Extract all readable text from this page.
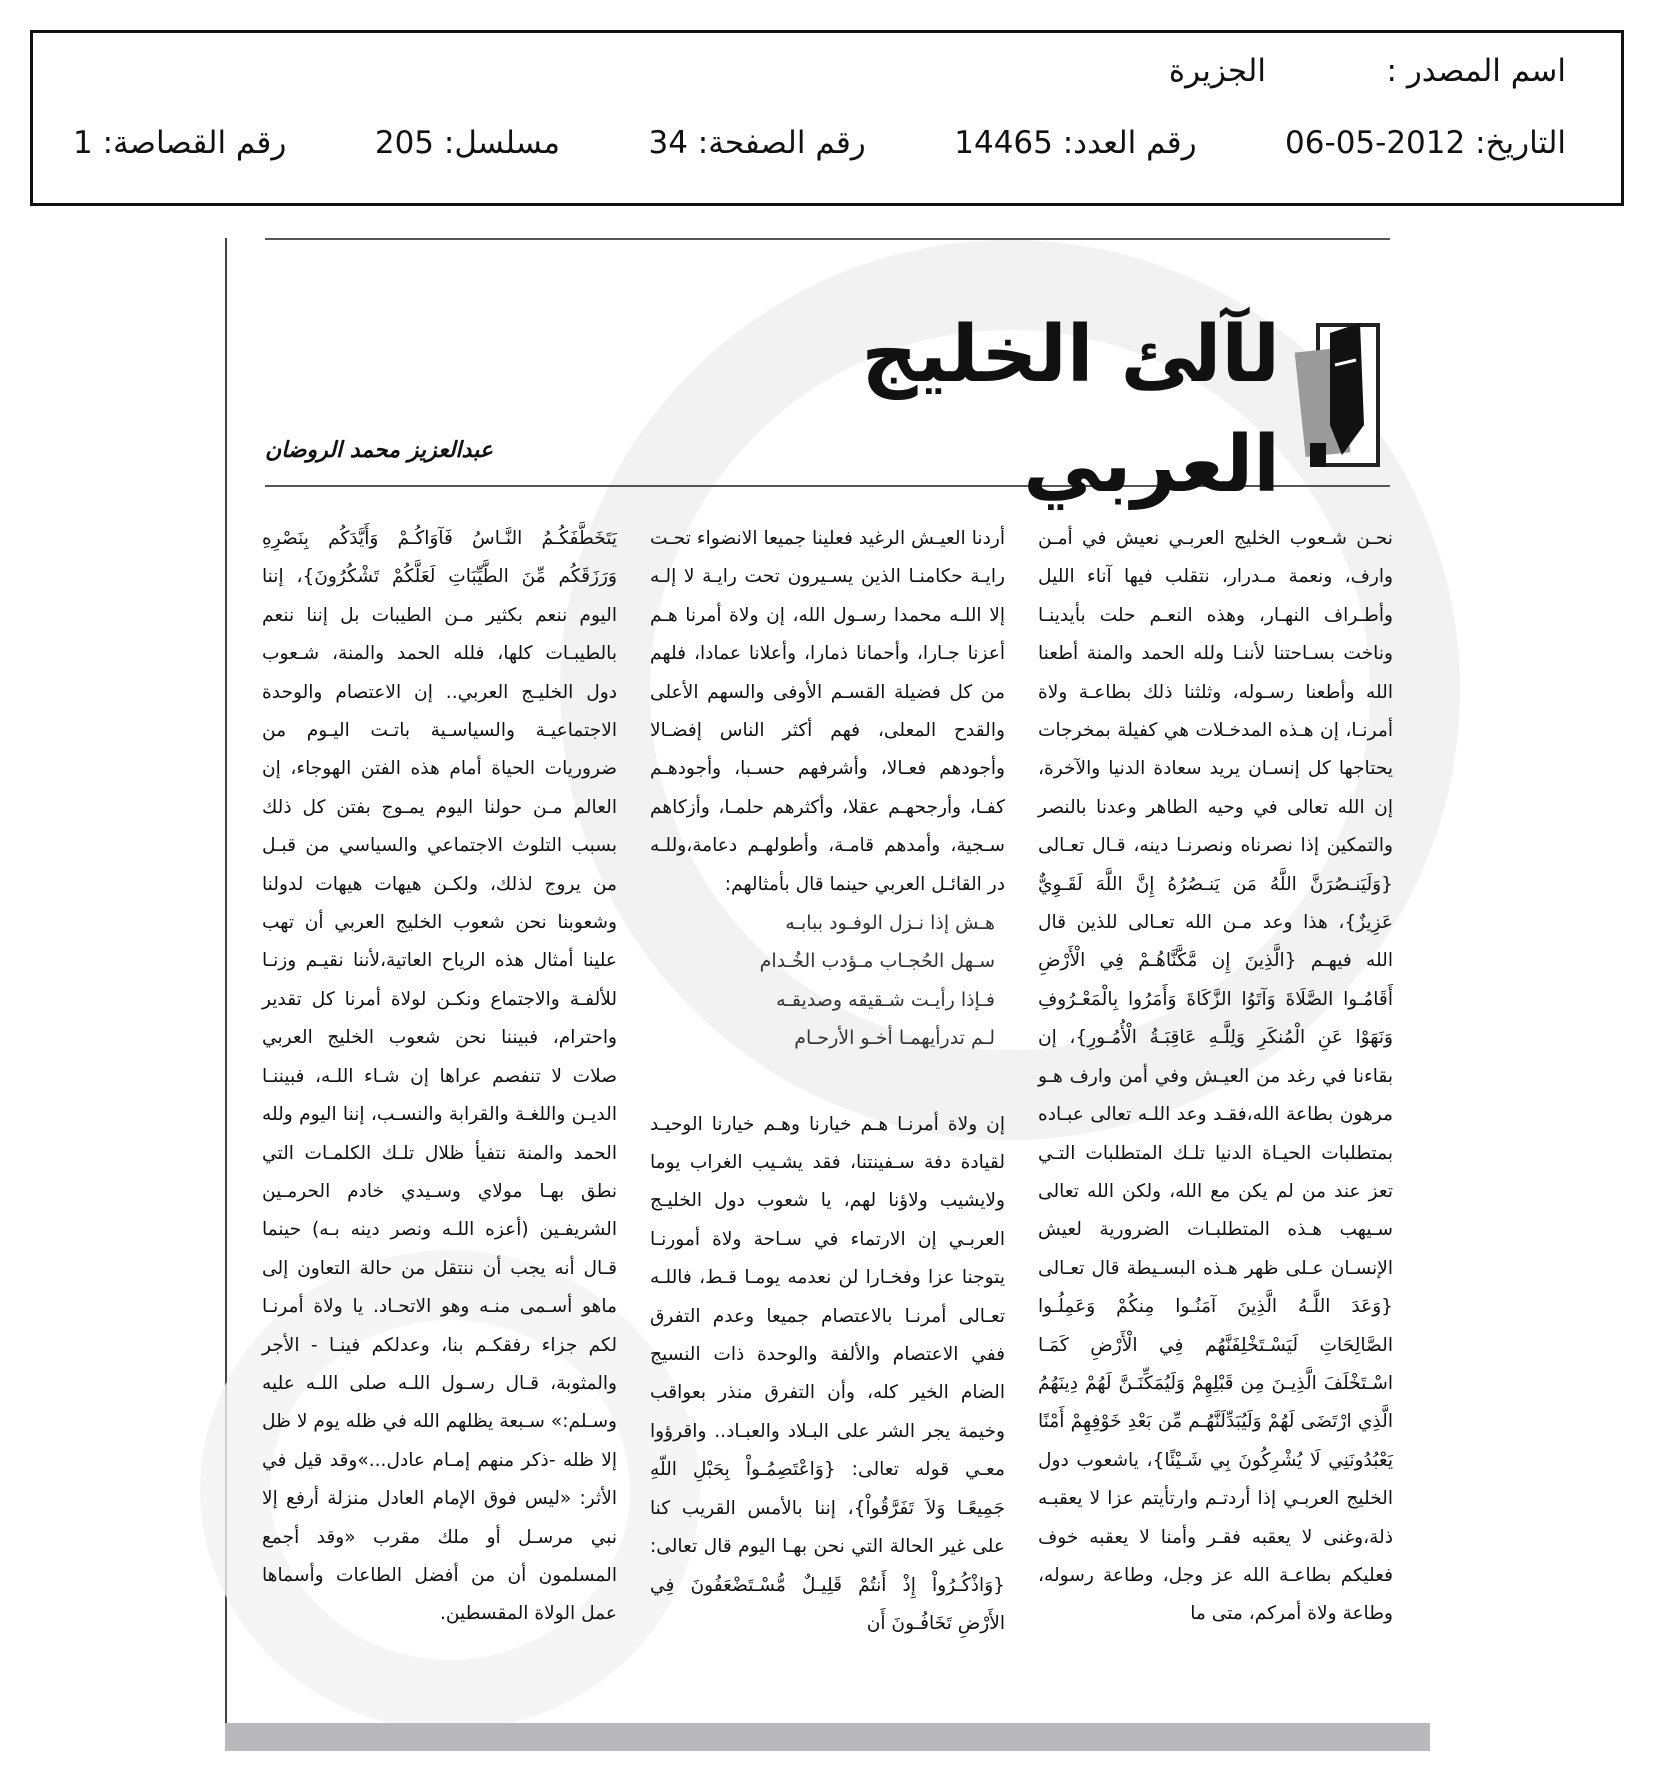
اسم المصدر :
الجزيرة
التاريخ: 2012-05-06
رقم العدد: 14465
رقم الصفحة: 34
مسلسل: 205
رقم القصاصة: 1
لآلئ الخليج العربي
عبدالعزيز محمد الروضان

نحـن شـعوب الخليج العربـي نعيش في أمـن وارف، ونعمة مـدرار، نتقلب فيها آناء الليل وأطـراف النهـار، وهذه النعـم حلت بأيدينـا وناخت بسـاحتنا لأننـا ولله الحمد والمنة أطعنا الله وأطعنا رسـوله، وثلثنا ذلك بطاعـة ولاة أمرنـا، إن هـذه المدخـلات هي كفيلة بمخرجات يحتاجها كل إنسـان يريد سعادة الدنيا والآخرة، إن الله تعالى في وحيه الطاهر وعدنا بالنصر والتمكين إذا نصرناه ونصرنـا دينه، قـال تعـالى {وَلَيَنـصُرَنَّ اللَّهُ مَن يَنـصُرُهُ إِنَّ اللَّهَ لَقَـوِيٌّ عَزِيزٌ}، هذا وعد مـن الله تعـالى للذين قال الله فيهـم {الَّذِينَ إِن مَّكَّنَّاهُـمْ فِي الْأَرْضِ أَقَامُـوا الصَّلَاةَ وَآتَوُا الزَّكَاةَ وَأَمَرُوا بِالْمَعْـرُوفِ وَنَهَوْا عَنِ الْمُنكَرِ وَلِلَّـهِ عَاقِبَـةُ الْأُمُـورِ}، إن بقاءنا في رغد من العيـش وفي أمن وارف هـو مرهون بطاعة الله،فقـد وعد اللـه تعالى عبـاده بمتطلبات الحيـاة الدنيا تلـك المتطلبات التـي تعز عند من لم يكن مع الله، ولكن الله تعالى سـيهب هـذه المتطلبـات الضرورية لعيش الإنسـان عـلى ظهر هـذه البسـيطة قال تعـالى {وَعَدَ اللَّـهُ الَّذِينَ آمَنُـوا مِنكُمْ وَعَمِلُـوا الصَّالِحَاتِ لَيَسْـتَخْلِفَنَّهُم فِي الْأَرْضِ كَمَـا اسْـتَخْلَفَ الَّذِيـنَ مِن قَبْلِهِمْ وَلَيُمَكِّنَـنَّ لَهُمْ دِينَهُمُ الَّذِي ارْتَضَى لَهُمْ وَلَيُبَدِّلَنَّهُـم مِّن بَعْدِ خَوْفِهِمْ أَمْنًا يَعْبُدُونَنِي لَا يُشْرِكُونَ بِي شَـيْئًا}، ياشعوب دول الخليج العربـي إذا أردتـم وارتأيتم عزا لا يعقبـه ذلة،وغنى لا يعقبه فقـر وأمنا لا يعقبه خوف فعليكم بطاعـة الله عز وجل، وطاعة رسوله، وطاعة ولاة أمركم، متى ما

أردنا العيـش الرغيد فعلينا جميعا الانضواء تحـت رايـة حكامنـا الذين يسـيرون تحت رايـة لا إلـه إلا اللـه محمدا رسـول الله، إن ولاة أمرنا هـم أعزنا جـارا، وأحمانا ذمارا، وأعلانا عمادا، فلهم من كل فضيلة القسـم الأوفى والسهم الأعلى والقدح المعلى، فهم أكثر الناس إفضـالا وأجودهم فعـالا، وأشرفهم حسـبا، وأجودهـم كفـا، وأرجحهـم عقلا، وأكثرهم حلمـا، وأزكاهم سـجية، وأمدهم قامـة، وأطولهـم دعامة،وللـه در القائـل العربي حينما قال بأمثالهم:

هـش إذا نـزل الوفـود ببابـه
سـهل الحُجـاب مـؤدب الخُـدام
فـإذا رأيـت شـقيقه وصديقـه
لـم تدرأيهمـا أخـو الأرحـام

إن ولاة أمرنـا هـم خيارنا وهـم خيارنا الوحيـد لقيادة دفة سـفينتنا، فقد يشـيب الغراب يوما ولايشيب ولاؤنا لهم، يا شعوب دول الخليـج العربـي إن الارتماء في سـاحة ولاة أمورنـا يتوجنا عزا وفخـارا لن نعدمه يومـا قـط، فاللـه تعـالى أمرنـا بالاعتصام جميعا وعدم التفرق ففي الاعتصام والألفة والوحدة ذات النسيج الضام الخير كله، وأن التفرق منذر بعواقب وخيمة يجر الشر على البـلاد والعبـاد.. واقرؤوا معـي قوله تعالى: {وَاعْتَصِمُـواْ بِحَبْلِ اللّهِ جَمِيعًـا وَلاَ تَفَرَّقُواْ}، إننا بالأمس القريب كنا على غير الحالة التي نحن بهـا اليوم قال تعالى: {وَاذْكُـرُواْ إِذْ أَنتُمْ قَلِيـلٌ مُّسْـتَضْعَفُونَ فِي الأَرْضِ تَخَافُـونَ أَن

يَتَخَطَّفَكُـمُ النَّـاسُ فَآوَاكُـمْ وَأَيَّدَكُم بِنَصْرِهِ وَرَزَقَكُم مِّنَ الطَّيِّبَاتِ لَعَلَّكُمْ تَشْكُرُونَ}، إننا اليوم ننعم بكثير مـن الطيبات بل إننا ننعم بالطيبـات كلها، فلله الحمد والمنة، شـعوب دول الخليـج العربي.. إن الاعتصام والوحدة الاجتماعيـة والسياسـية باتـت اليـوم من ضروريات الحياة أمام هذه الفتن الهوجاء، إن العالم مـن حولنا اليوم يمـوج بفتن كل ذلك بسبب التلوث الاجتماعي والسياسي من قبـل من يروج لذلك، ولكـن هيهات هيهات لدولنا وشعوبنا نحن شعوب الخليج العربي أن تهب علينا أمثال هذه الرياح العاتية،لأننا نقيـم وزنـا للألفـة والاجتماع ونكـن لولاة أمرنا كل تقدير واحترام، فبيننا نحن شعوب الخليج العربي صلات لا تنفصم عراها إن شـاء اللـه، فبيننـا الديـن واللغـة والقرابة والنسـب، إننا اليوم ولله الحمد والمنة نتفيأ ظلال تلـك الكلمـات التي نطق بهـا مولاي وسـيدي خادم الحرمـين الشريفـين (أعزه اللـه ونصر دينه بـه) حينما قـال أنه يجب أن ننتقل من حالة التعاون إلى ماهو أسـمى منـه وهو الاتحـاد. يا ولاة أمرنـا لكم جزاء رفقكـم بنا، وعدلكم فينـا - الأجر والمثوبة، قـال رسـول اللـه صلى اللـه عليه وسـلم:» سـبعة يظلهم الله في ظله يوم لا ظل إلا ظله -ذكر منهم إمـام عادل...»وقد قيل في الأثر: «ليس فوق الإمام العادل منزلة أرفع إلا نبي مرسـل أو ملك مقرب «وقد أجمع المسلمون أن من أفضل الطاعات وأسماها عمل الولاة المقسطين.
